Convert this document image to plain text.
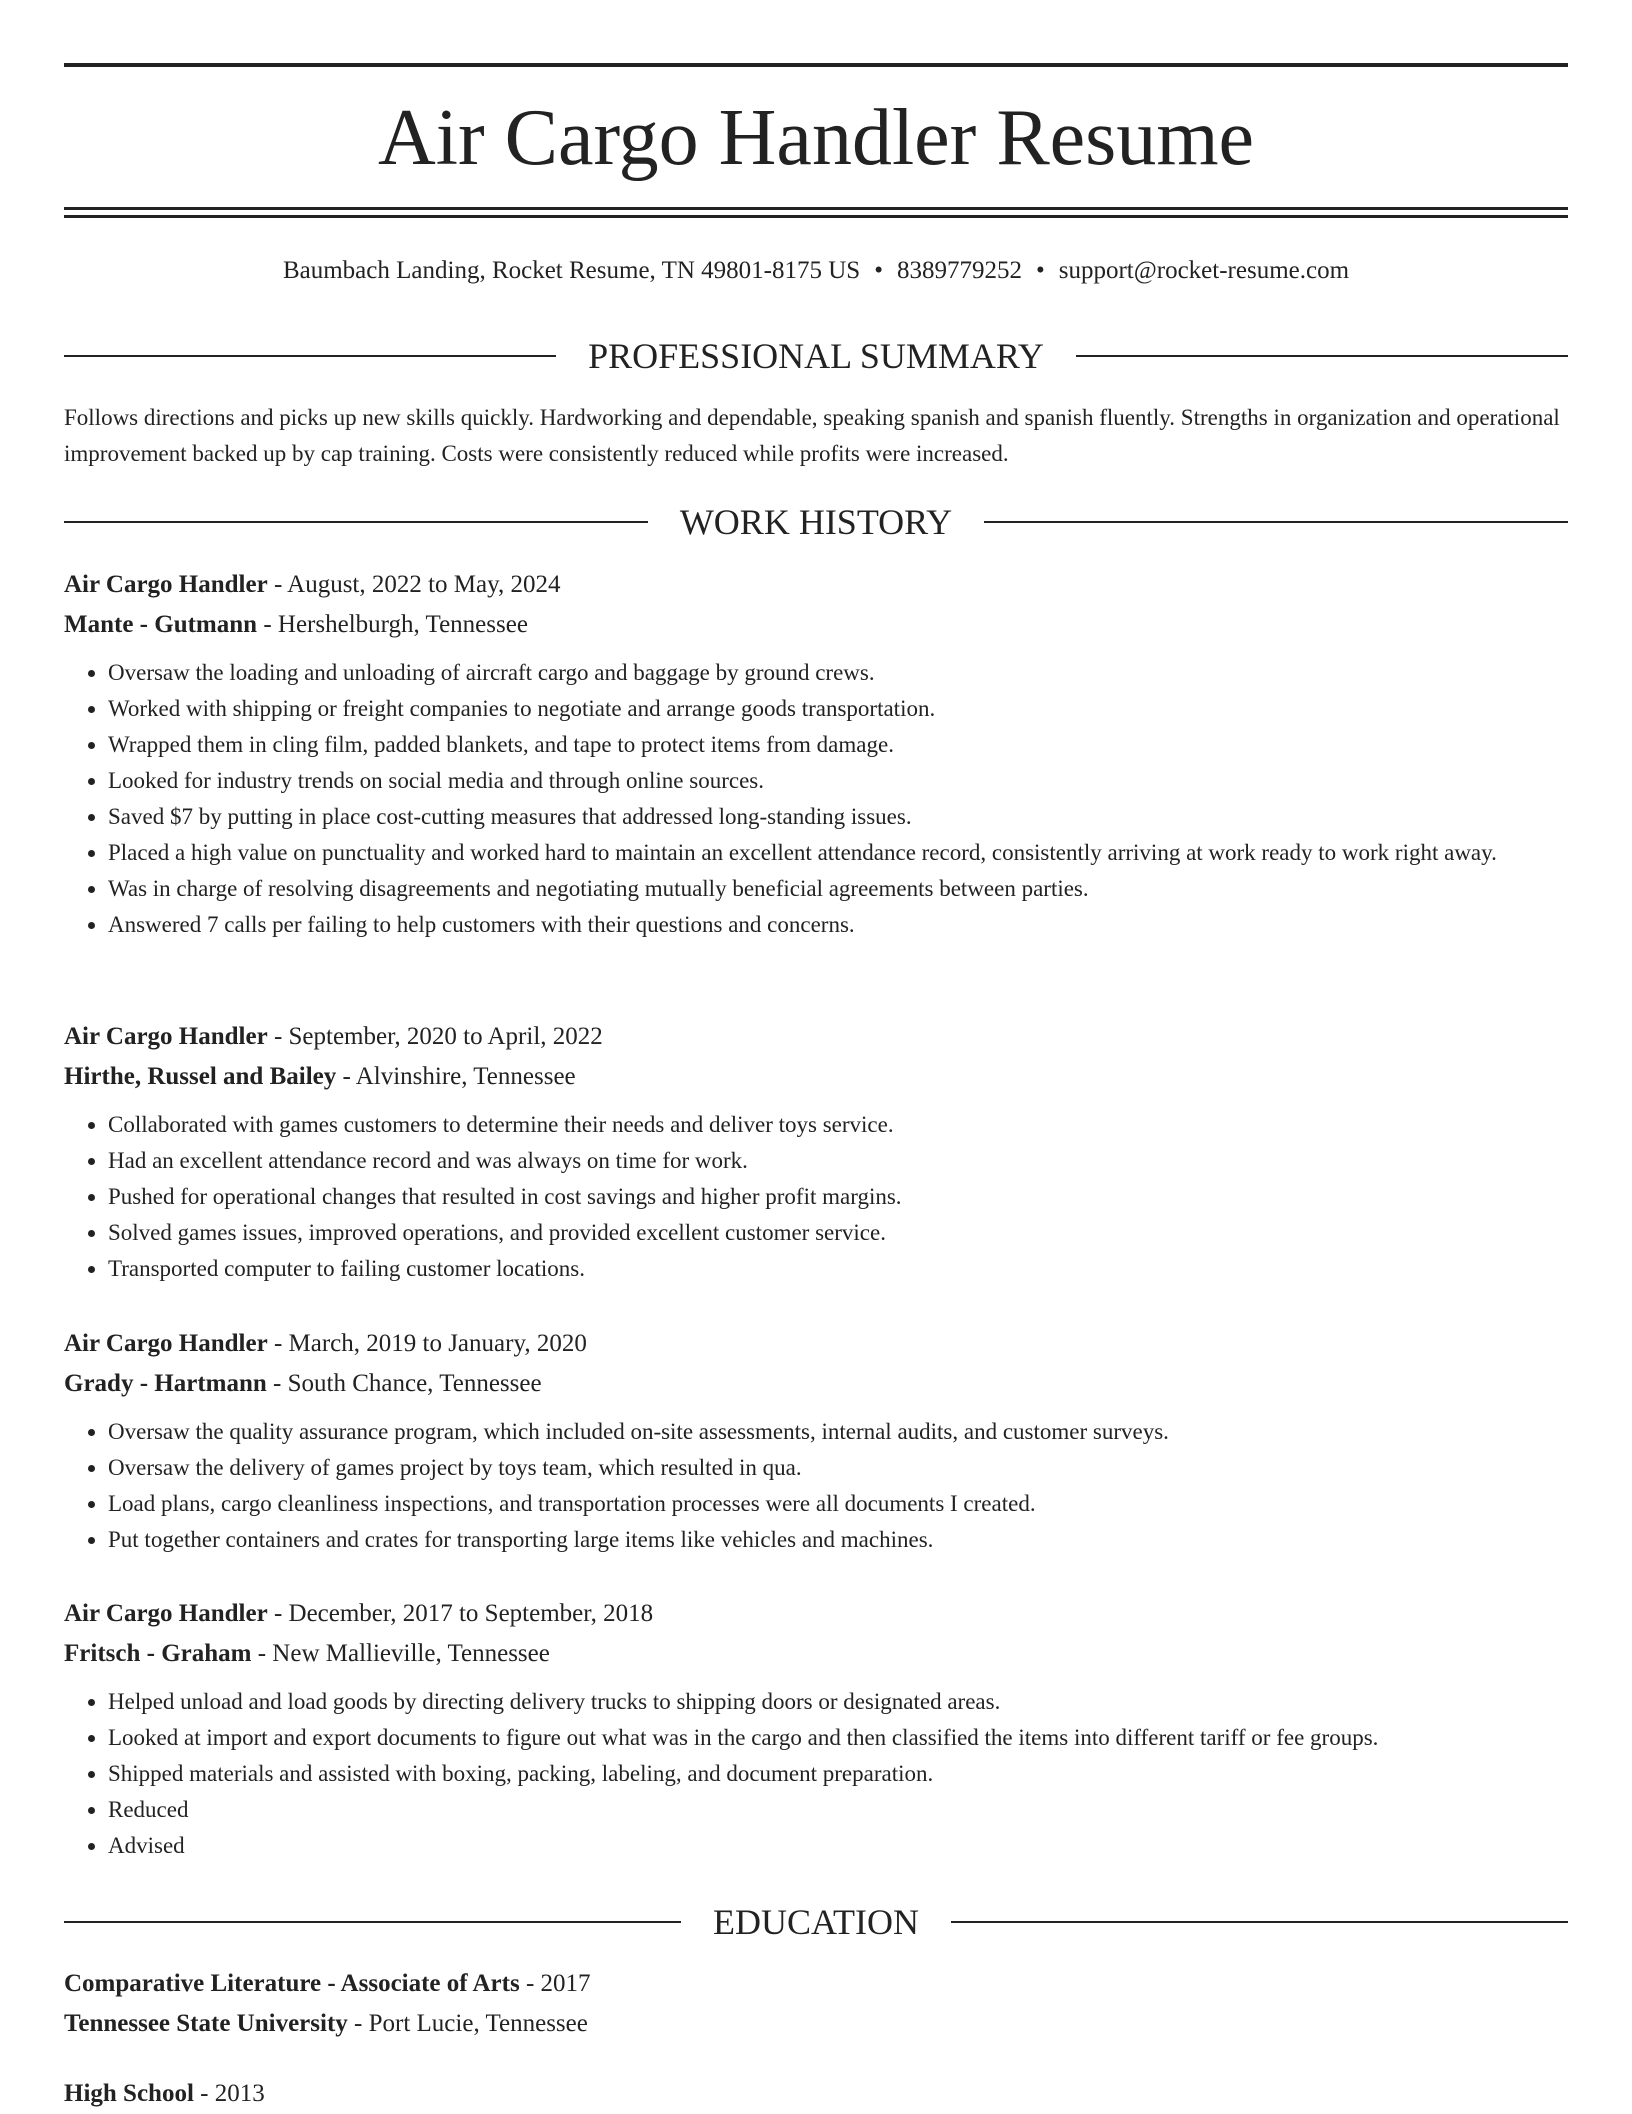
Air Cargo Handler Resume
Baumbach Landing, Rocket Resume, TN 49801-8175 US • 8389779252 • support@rocket-resume.com
PROFESSIONAL SUMMARY

Follows directions and picks up new skills quickly. Hardworking and dependable, speaking spanish and spanish fluently. Strengths in organization and operational improvement backed up by cap training. Costs were consistently reduced while profits were increased.

WORK HISTORY
Air Cargo Handler - August, 2022 to May, 2024
Mante - Gutmann - Hershelburgh, Tennessee
• Oversaw the loading and unloading of aircraft cargo and baggage by ground crews.
• Worked with shipping or freight companies to negotiate and arrange goods transportation.
• Wrapped them in cling film, padded blankets, and tape to protect items from damage.
• Looked for industry trends on social media and through online sources.
• Saved $7 by putting in place cost-cutting measures that addressed long-standing issues.
• Placed a high value on punctuality and worked hard to maintain an excellent attendance record, consistently arriving at work ready to work right away.
• Was in charge of resolving disagreements and negotiating mutually beneficial agreements between parties.
• Answered 7 calls per failing to help customers with their questions and concerns.
Air Cargo Handler - September, 2020 to April, 2022
Hirthe, Russel and Bailey - Alvinshire, Tennessee
• Collaborated with games customers to determine their needs and deliver toys service.
• Had an excellent attendance record and was always on time for work.
• Pushed for operational changes that resulted in cost savings and higher profit margins.
• Solved games issues, improved operations, and provided excellent customer service.
• Transported computer to failing customer locations.
Air Cargo Handler - March, 2019 to January, 2020
Grady - Hartmann - South Chance, Tennessee
• Oversaw the quality assurance program, which included on-site assessments, internal audits, and customer surveys.
• Oversaw the delivery of games project by toys team, which resulted in qua.
• Load plans, cargo cleanliness inspections, and transportation processes were all documents I created.
• Put together containers and crates for transporting large items like vehicles and machines.
Air Cargo Handler - December, 2017 to September, 2018
Fritsch - Graham - New Mallieville, Tennessee
• Helped unload and load goods by directing delivery trucks to shipping doors or designated areas.
• Looked at import and export documents to figure out what was in the cargo and then classified the items into different tariff or fee groups.
• Shipped materials and assisted with boxing, packing, labeling, and document preparation.
• Reduced
• Advised
EDUCATION
Comparative Literature - Associate of Arts - 2017
Tennessee State University - Port Lucie, Tennessee
High School - 2013
